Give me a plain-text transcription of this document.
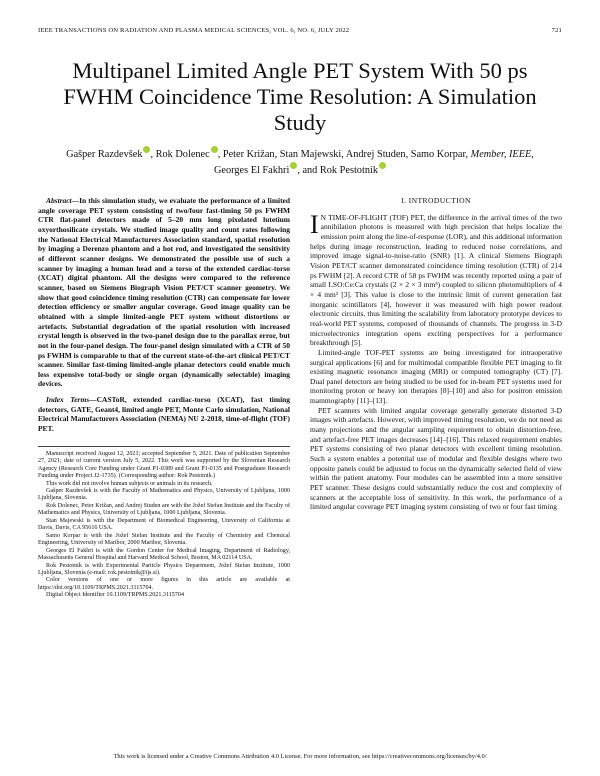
IEEE TRANSACTIONS ON RADIATION AND PLASMA MEDICAL SCIENCES, VOL. 6, NO. 6, JULY 2022	721
Multipanel Limited Angle PET System With 50 ps FWHM Coincidence Time Resolution: A Simulation Study
Gašper Razdevšek , Rok Dolenec , Peter Križan, Stan Majewski, Andrej Studen, Samo Korpar, Member, IEEE,
Georges El Fakhri , and Rok Pestotnik

Abstract—In this simulation study, we evaluate the performance of a limited angle coverage PET system consisting of two/four fast-timing 50 ps FWHM CTR flat-panel detectors made of 5–20 mm long pixelated lutetium oxyorthosilicate crystals. We studied image quality and count rates following the National Electrical Manufacturers Association standard, spatial resolution by imaging a Derenzo phantom and a hot rod, and investigated the sensitivity of different scanner designs. We demonstrated the possible use of such a scanner by imaging a human head and a torso of the extended cardiac-torso (XCAT) digital phantom. All the designs were compared to the reference scanner, based on Siemens Biograph Vision PET/CT scanner geometry. We show that good coincidence timing resolution (CTR) can compensate for lower detection efficiency or smaller angular coverage. Good image quality can be obtained with a simple limited-angle PET system without distortions or artefacts. Substantial degradation of the spatial resolution with increased crystal length is observed in the two-panel design due to the parallax error, but not in the four-panel design. The four-panel design simulated with a CTR of 50 ps FWHM is comparable to that of the current state-of-the-art clinical PET/CT scanner. Similar fast-timing limited-angle planar detectors could enable much less expensive total-body or single organ (dynamically selectable) imaging devices.

Index Terms—CASToR, extended cardiac-torso (XCAT), fast timing detectors, GATE, Geant4, limited angle PET, Monte Carlo simulation, National Electrical Manufacturers Association (NEMA) NU 2-2018, time-of-flight (TOF) PET.

Manuscript received August 12, 2021; accepted September 5, 2021. Date of publication September 27, 2021; date of current version July 5, 2022. This work was supported by the Slovenian Research Agency (Research Core Funding under Grant P1-0389 and Grant P1-0135 and Postgraduate Research Funding under Project J2-1735). (Corresponding author: Rok Pestotnik.)

This work did not involve human subjects or animals in its research.

Gašper Razdevšek is with the Faculty of Mathematics and Physics, University of Ljubljana, 1000 Ljubljana, Slovenia.

Rok Dolenec, Peter Križan, and Andrej Studen are with the Jožef Stefan Institute and the Faculty of Mathematics and Physics, University of Ljubljana, 1000 Ljubljana, Slovenia.

Stan Majewski is with the Department of Biomedical Engineering, University of California at Davis, Davis, CA 95616 USA.

Samo Korpar is with the Jožef Stefan Institute and the Faculty of Chemistry and Chemical Engineering, University of Maribor, 2000 Maribor, Slovenia.

Georges El Fakhri is with the Gordon Center for Medical Imaging, Department of Radiology, Massachusetts General Hospital and Harvard Medical School, Boston, MA 02114 USA.

Rok Pestotnik is with Experimental Particle Physics Department, Jožef Stefan Institute, 1000 Ljubljana, Slovenia (e-mail: rok.pestotnik@ijs.si).

Color versions of one or more figures in this article are available at https://doi.org/10.1109/TRPMS.2021.3115704.

Digital Object Identifier 10.1109/TRPMS.2021.3115704

I. INTRODUCTION

I N TIME-OF-FLIGHT (TOF) PET, the difference in the arrival times of the two annihilation photons is measured with high precision that helps localize the emission point along the line-of-response (LOR), and this additional information helps during image reconstruction, leading to reduced noise correlations, and improved image signal-to-noise-ratio (SNR) [1]. A clinical Siemens Biograph Vision PET/CT scanner demonstrated coincidence timing resolution (CTR) of 214 ps FWHM [2]. A record CTR of 58 ps FWHM was recently reported using a pair of small LSO:Ce:Ca crystals (2 × 2 × 3 mm³) coupled to silicon photomultipliers of 4 × 4 mm² [3]. This value is close to the intrinsic limit of current generation fast inorganic scintillators [4], however it was measured with high power readout electronic circuits, thus limiting the scalability from laboratory prototype devices to real-world PET systems, composed of thousands of channels. The progress in 3-D microelectronics integration opens exciting perspectives for a performance breakthrough [5].

Limited-angle TOF-PET systems are being investigated for intraoperative surgical applications [6] and for multimodal compatible flexible PET imaging to fit existing magnetic resonance imaging (MRI) or computed tomography (CT) [7]. Dual panel detectors are being studied to be used for in-beam PET systems used for monitoring proton or heavy ion therapies [8]–[10] and also for positron emission mammography [11]–[13].

PET scanners with limited angular coverage generally generate distorted 3-D images with artefacts. However, with improved timing resolution, we do not need as many projections and the angular sampling requirement to obtain distortion-free, and artefact-free PET images decreases [14]–[16]. This relaxed requirement enables PET systems consisting of two planar detectors with excellent timing resolution. Such a system enables a potential use of modular and flexible designs where two opposite panels could be adjusted to focus on the dynamically selected field of view within the patient anatomy. Four modules can be assembled into a more sensitive PET scanner. These designs could substantially reduce the cost and complexity of scanners at the acceptable loss of sensitivity. In this work, the performance of a limited angular coverage PET imaging system consisting of two or four fast timing

This work is licensed under a Creative Commons Attribution 4.0 License. For more information, see https://creativecommons.org/licenses/by/4.0/
